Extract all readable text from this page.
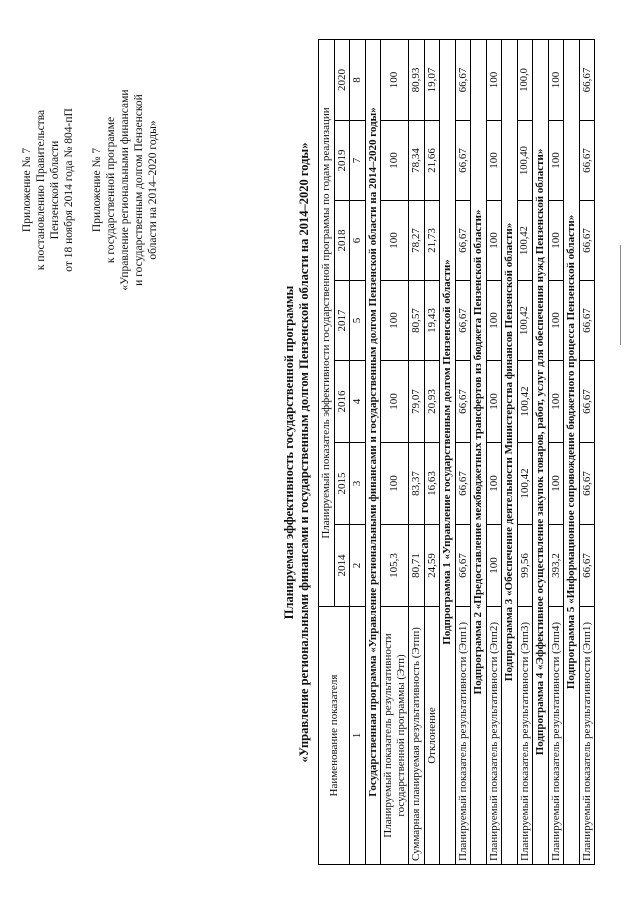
Приложение № 7 к постановлению Правительства Пензенской области от 18 ноября 2014 года № 804-пП Приложение № 7 к государственной программе «Управление региональными финансами и государственным долгом Пензенской области на 2014–2020 годы»
Планируемая эффективность государственной программы «Управление региональными финансами и государственным долгом Пензенской области на 2014–2020 годы» Наименование показателя	Планируемый показатель эффективности государственной программы по годам реализации						
	2014	2015	2016	2017	2018	2019	2020
1	2	3	4	5	6	7	8
Государственная программа «Управление региональными финансами и государственным долгом Пензенской области на 2014–2020 годы»							
Планируемый показатель результативности государственной программы (Этп)	105,3	100	100	100	100	100	100
Суммарная планируемая результативность (Этпп)	80,71	83,37	79,07	80,57	78,27	78,34	80,93
Отклонение	24,59	16,63	20,93	19,43	21,73	21,66	19,07
Подпрограмма 1 «Управление государственным долгом Пензенской области»							
Планируемый показатель результативности (Эпп1)	66,67	66,67	66,67	66,67	66,67	66,67	66,67
Подпрограмма 2 «Предоставление межбюджетных трансфертов из бюджета Пензенской области»							
Планируемый показатель результативности (Эпп2)	100	100	100	100	100	100	100
Подпрограмма 3 «Обеспечение деятельности Министерства финансов Пензенской области»							
Планируемый показатель результативности (Эпп3)	99,56	100,42	100,42	100,42	100,42	100,40	100,0
Подпрограмма 4 «Эффективное осуществление закупок товаров, работ, услуг для обеспечения нужд Пензенской области»							
Планируемый показатель результативности (Эпп4)	393,2	100	100	100	100	100	100
Подпрограмма 5 «Информационное сопровождение бюджетного процесса Пензенской области»							
Планируемый показатель результативности (Эпп1)	66,67	66,67	66,67	66,67	66,67	66,67	66,67
